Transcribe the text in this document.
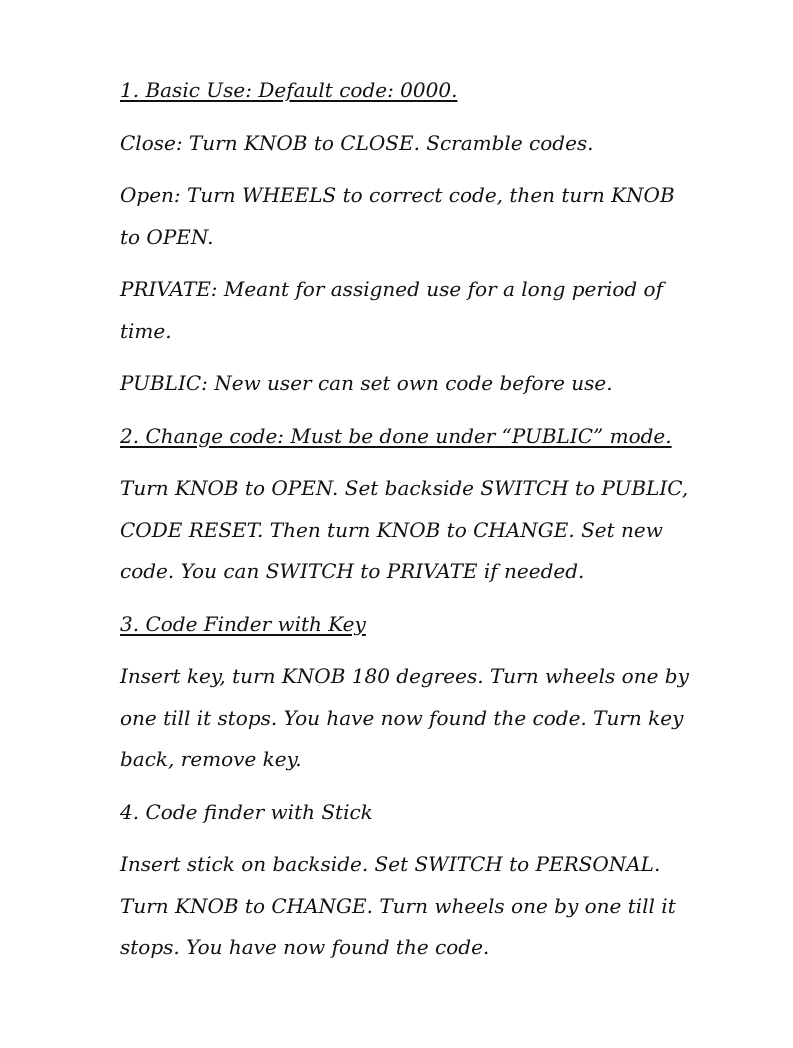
1. Basic Use: Default code: 0000.

Close: Turn KNOB to CLOSE. Scramble codes.

Open: Turn WHEELS to correct code, then turn KNOB to OPEN.

PRIVATE: Meant for assigned use for a long period of time.

PUBLIC: New user can set own code before use.

2. Change code: Must be done under “PUBLIC” mode.

Turn KNOB to OPEN. Set backside SWITCH to PUBLIC, CODE RESET. Then turn KNOB to CHANGE. Set new code. You can SWITCH to PRIVATE if needed.

3. Code Finder with Key

Insert key, turn KNOB 180 degrees. Turn wheels one by one till it stops. You have now found the code. Turn key back, remove key.

4. Code finder with Stick

Insert stick on backside. Set SWITCH to PERSONAL. Turn KNOB to CHANGE. Turn wheels one by one till it stops. You have now found the code.
